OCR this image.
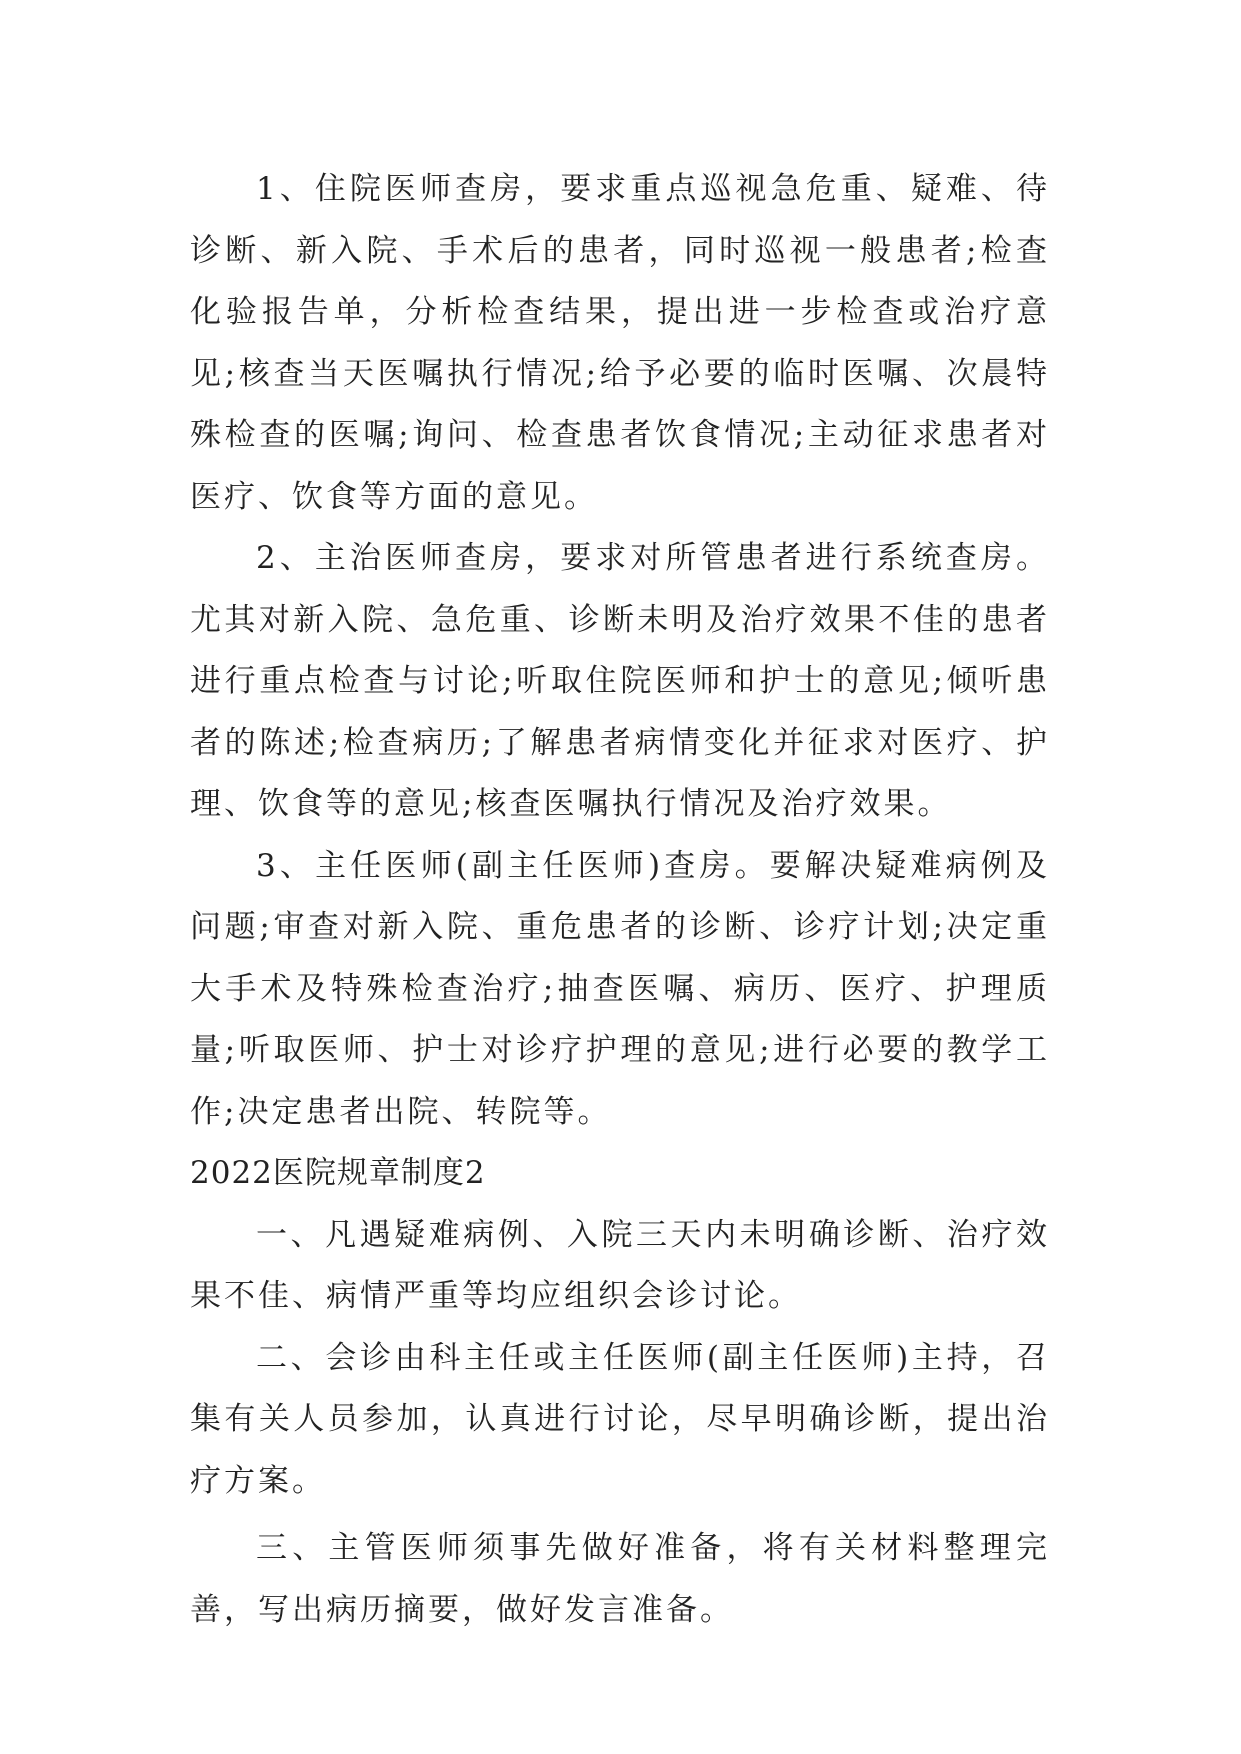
1、住院医师查房，要求重点巡视急危重、疑难、待诊断、新入院、手术后的患者，同时巡视一般患者;检查化验报告单，分析检查结果，提出进一步检查或治疗意见;核查当天医嘱执行情况;给予必要的临时医嘱、次晨特殊检查的医嘱;询问、检查患者饮食情况;主动征求患者对医疗、饮食等方面的意见。

2、主治医师查房，要求对所管患者进行系统查房。尤其对新入院、急危重、诊断未明及治疗效果不佳的患者进行重点检查与讨论;听取住院医师和护士的意见;倾听患者的陈述;检查病历;了解患者病情变化并征求对医疗、护理、饮食等的意见;核查医嘱执行情况及治疗效果。

3、主任医师(副主任医师)查房。要解决疑难病例及问题;审查对新入院、重危患者的诊断、诊疗计划;决定重大手术及特殊检查治疗;抽查医嘱、病历、医疗、护理质量;听取医师、护士对诊疗护理的意见;进行必要的教学工作;决定患者出院、转院等。

2022医院规章制度2

一、凡遇疑难病例、入院三天内未明确诊断、治疗效果不佳、病情严重等均应组织会诊讨论。

二、会诊由科主任或主任医师(副主任医师)主持，召集有关人员参加，认真进行讨论，尽早明确诊断，提出治疗方案。

三、主管医师须事先做好准备，将有关材料整理完善，写出病历摘要，做好发言准备。
